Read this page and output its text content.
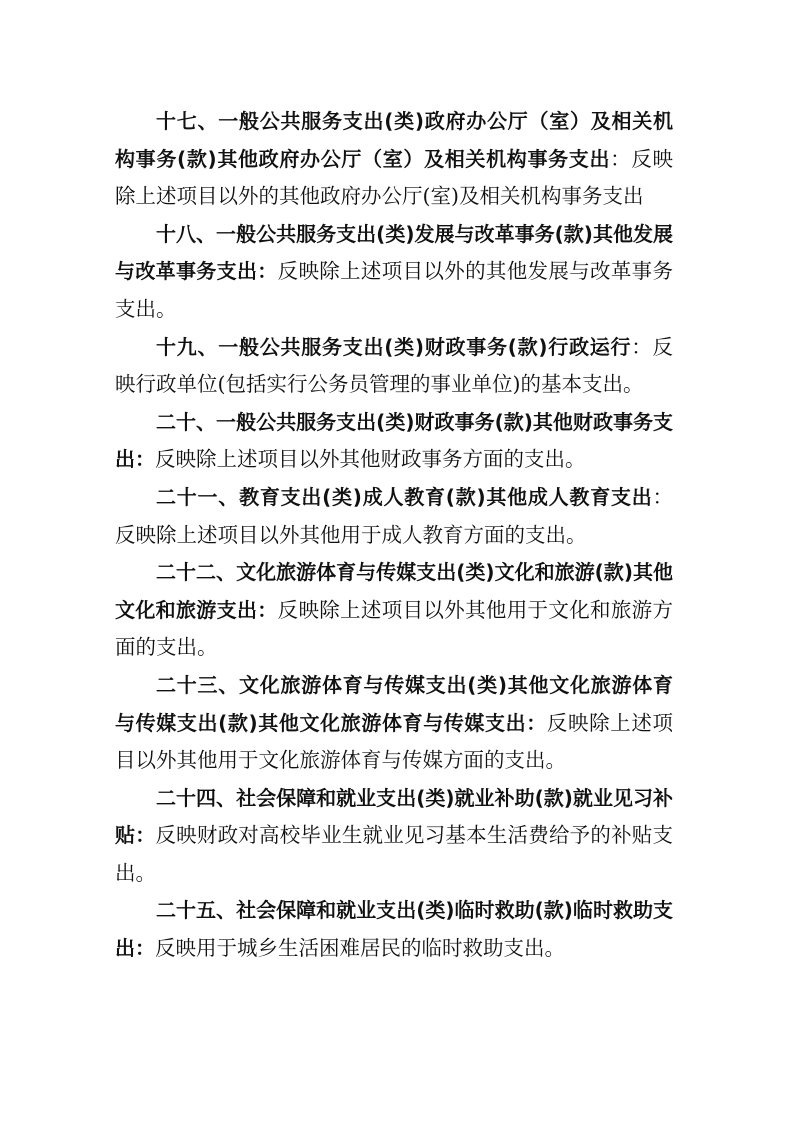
十七、一般公共服务支出(类)政府办公厅（室）及相关机构事务(款)其他政府办公厅（室）及相关机构事务支出：反映除上述项目以外的其他政府办公厅(室)及相关机构事务支出

十八、一般公共服务支出(类)发展与改革事务(款)其他发展与改革事务支出：反映除上述项目以外的其他发展与改革事务支出。

十九、一般公共服务支出(类)财政事务(款)行政运行：反映行政单位(包括实行公务员管理的事业单位)的基本支出。

二十、一般公共服务支出(类)财政事务(款)其他财政事务支出：反映除上述项目以外其他财政事务方面的支出。

二十一、教育支出(类)成人教育(款)其他成人教育支出：反映除上述项目以外其他用于成人教育方面的支出。

二十二、文化旅游体育与传媒支出(类)文化和旅游(款)其他文化和旅游支出：反映除上述项目以外其他用于文化和旅游方面的支出。

二十三、文化旅游体育与传媒支出(类)其他文化旅游体育与传媒支出(款)其他文化旅游体育与传媒支出：反映除上述项目以外其他用于文化旅游体育与传媒方面的支出。

二十四、社会保障和就业支出(类)就业补助(款)就业见习补贴：反映财政对高校毕业生就业见习基本生活费给予的补贴支出。

二十五、社会保障和就业支出(类)临时救助(款)临时救助支出：反映用于城乡生活困难居民的临时救助支出。
